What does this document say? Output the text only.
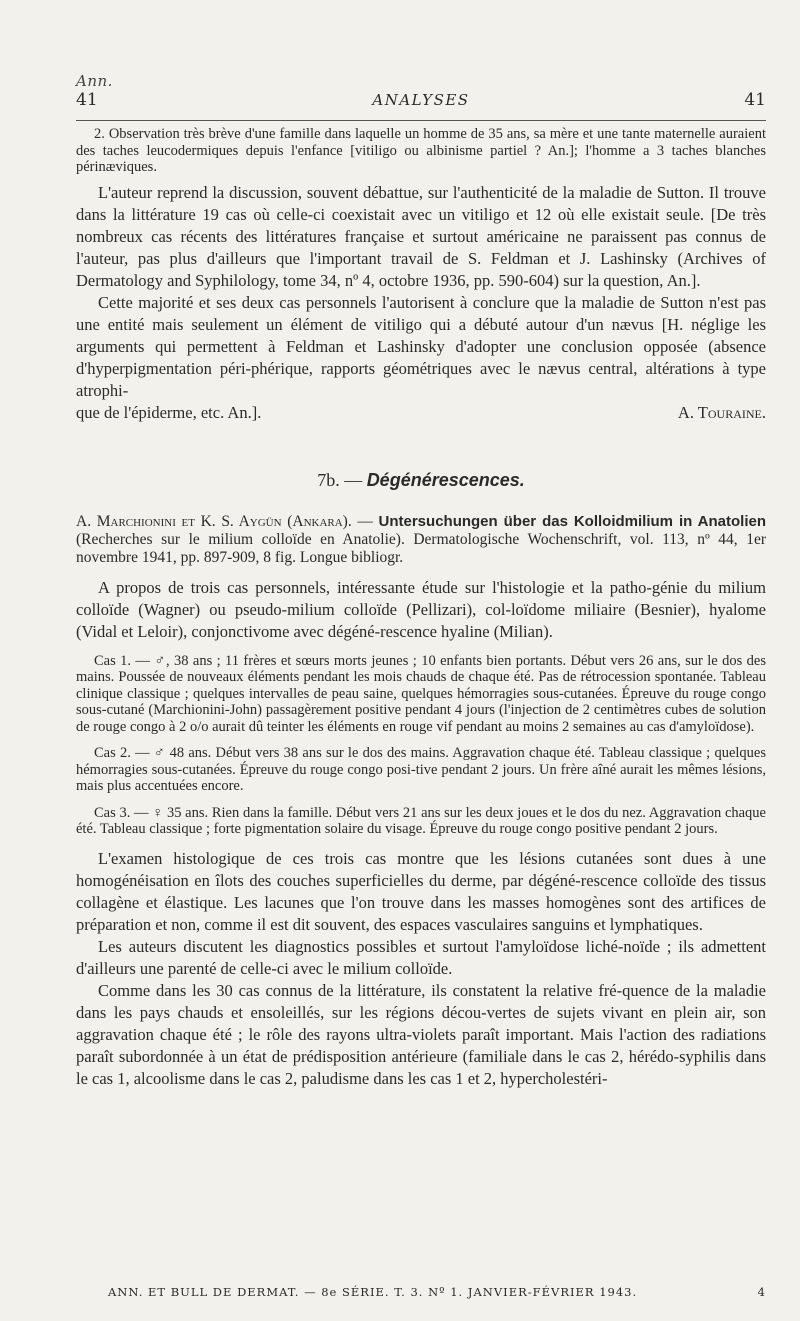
Ann.
41	ANALYSES	41

2. Observation très brève d'une famille dans laquelle un homme de 35 ans, sa mère et une tante maternelle auraient des taches leucodermiques depuis l'enfance [vitiligo ou albinisme partiel ? An.]; l'homme a 3 taches blanches périnæviques.

L'auteur reprend la discussion, souvent débattue, sur l'authenticité de la maladie de Sutton. Il trouve dans la littérature 19 cas où celle-ci coexistait avec un vitiligo et 12 où elle existait seule. [De très nombreux cas récents des littératures française et surtout américaine ne paraissent pas connus de l'auteur, pas plus d'ailleurs que l'important travail de S. Feldman et J. Lashinsky (Archives of Dermatology and Syphilology, tome 34, nº 4, octobre 1936, pp. 590-604) sur la question, An.].

Cette majorité et ses deux cas personnels l'autorisent à conclure que la maladie de Sutton n'est pas une entité mais seulement un élément de vitiligo qui a débuté autour d'un nævus [H. néglige les arguments qui permettent à Feldman et Lashinsky d'adopter une conclusion opposée (absence d'hyperpigmentation péri-phérique, rapports géométriques avec le nævus central, altérations à type atrophi-

que de l'épiderme, etc. An.].	A. Touraine.

7b. — Dégénérescences.

A. Marchionini et K. S. Aygün (Ankara). — Untersuchungen über das Kolloidmilium in Anatolien (Recherches sur le milium colloïde en Anatolie). Dermatologische Wochenschrift, vol. 113, nº 44, 1er novembre 1941, pp. 897-909, 8 fig. Longue bibliogr.

A propos de trois cas personnels, intéressante étude sur l'histologie et la patho-génie du milium colloïde (Wagner) ou pseudo-milium colloïde (Pellizari), col-loïdome miliaire (Besnier), hyalome (Vidal et Leloir), conjonctivome avec dégéné-rescence hyaline (Milian).

Cas 1. — ♂, 38 ans ; 11 frères et sœurs morts jeunes ; 10 enfants bien portants. Début vers 26 ans, sur le dos des mains. Poussée de nouveaux éléments pendant les mois chauds de chaque été. Pas de rétrocession spontanée. Tableau clinique classique ; quelques intervalles de peau saine, quelques hémorragies sous-cutanées. Épreuve du rouge congo sous-cutané (Marchionini-John) passagèrement positive pendant 4 jours (l'injection de 2 centimètres cubes de solution de rouge congo à 2 o/o aurait dû teinter les éléments en rouge vif pendant au moins 2 semaines au cas d'amyloïdose).

Cas 2. — ♂ 48 ans. Début vers 38 ans sur le dos des mains. Aggravation chaque été. Tableau classique ; quelques hémorragies sous-cutanées. Épreuve du rouge congo posi-tive pendant 2 jours. Un frère aîné aurait les mêmes lésions, mais plus accentuées encore.

Cas 3. — ♀ 35 ans. Rien dans la famille. Début vers 21 ans sur les deux joues et le dos du nez. Aggravation chaque été. Tableau classique ; forte pigmentation solaire du visage. Épreuve du rouge congo positive pendant 2 jours.

L'examen histologique de ces trois cas montre que les lésions cutanées sont dues à une homogénéisation en îlots des couches superficielles du derme, par dégéné-rescence colloïde des tissus collagène et élastique. Les lacunes que l'on trouve dans les masses homogènes sont des artifices de préparation et non, comme il est dit souvent, des espaces vasculaires sanguins et lymphatiques.

Les auteurs discutent les diagnostics possibles et surtout l'amyloïdose liché-noïde ; ils admettent d'ailleurs une parenté de celle-ci avec le milium colloïde.

Comme dans les 30 cas connus de la littérature, ils constatent la relative fré-quence de la maladie dans les pays chauds et ensoleillés, sur les régions décou-vertes de sujets vivant en plein air, son aggravation chaque été ; le rôle des rayons ultra-violets paraît important. Mais l'action des radiations paraît subordonnée à un état de prédisposition antérieure (familiale dans le cas 2, hérédo-syphilis dans le cas 1, alcoolisme dans le cas 2, paludisme dans les cas 1 et 2, hypercholestéri-

ANN. ET BULL DE DERMAT. — 8e SÉRIE. T. 3. Nº 1. JANVIER-FÉVRIER 1943.	4
